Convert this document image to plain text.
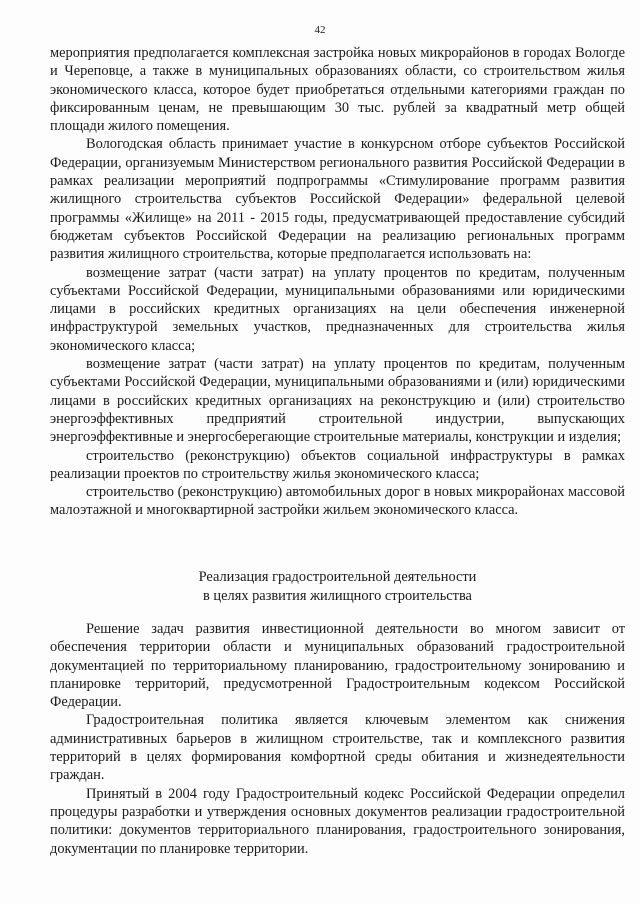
42

мероприятия предполагается комплексная застройка новых микрорайонов в городах Вологде и Череповце, а также в муниципальных образованиях области, со строительством жилья экономического класса, которое будет приобретаться отдельными категориями граждан по фиксированным ценам, не превышающим 30 тыс. рублей за квадратный метр общей площади жилого помещения.

Вологодская область принимает участие в конкурсном отборе субъектов Российской Федерации, организуемым Министерством регионального развития Российской Федерации в рамках реализации мероприятий подпрограммы «Стимулирование программ развития жилищного строительства субъектов Российской Федерации» федеральной целевой программы «Жилище» на 2011 - 2015 годы, предусматривающей предоставление субсидий бюджетам субъектов Российской Федерации на реализацию региональных программ развития жилищного строительства, которые предполагается использовать на:

возмещение затрат (части затрат) на уплату процентов по кредитам, полученным субъектами Российской Федерации, муниципальными образованиями или юридическими лицами в российских кредитных организациях на цели обеспечения инженерной инфраструктурой земельных участков, предназначенных для строительства жилья экономического класса;

возмещение затрат (части затрат) на уплату процентов по кредитам, полученным субъектами Российской Федерации, муниципальными образованиями и (или) юридическими лицами в российских кредитных организациях на реконструкцию и (или) строительство энергоэффективных предприятий строительной индустрии, выпускающих энергоэффективные и энергосберегающие строительные материалы, конструкции и изделия;

строительство (реконструкцию) объектов социальной инфраструктуры в рамках реализации проектов по строительству жилья экономического класса;

строительство (реконструкцию) автомобильных дорог в новых микрорайонах массовой малоэтажной и многоквартирной застройки жильем экономического класса.

Реализация градостроительной деятельности
в целях развития жилищного строительства

Решение задач развития инвестиционной деятельности во многом зависит от обеспечения территории области и муниципальных образований градостроительной документацией по территориальному планированию, градостроительному зонированию и планировке территорий, предусмотренной Градостроительным кодексом Российской Федерации.

Градостроительная политика является ключевым элементом как снижения административных барьеров в жилищном строительстве, так и комплексного развития территорий в целях формирования комфортной среды обитания и жизнедеятельности граждан.

Принятый в 2004 году Градостроительный кодекс Российской Федерации определил процедуры разработки и утверждения основных документов реализации градостроительной политики: документов территориального планирования, градостроительного зонирования, документации по планировке территории.
